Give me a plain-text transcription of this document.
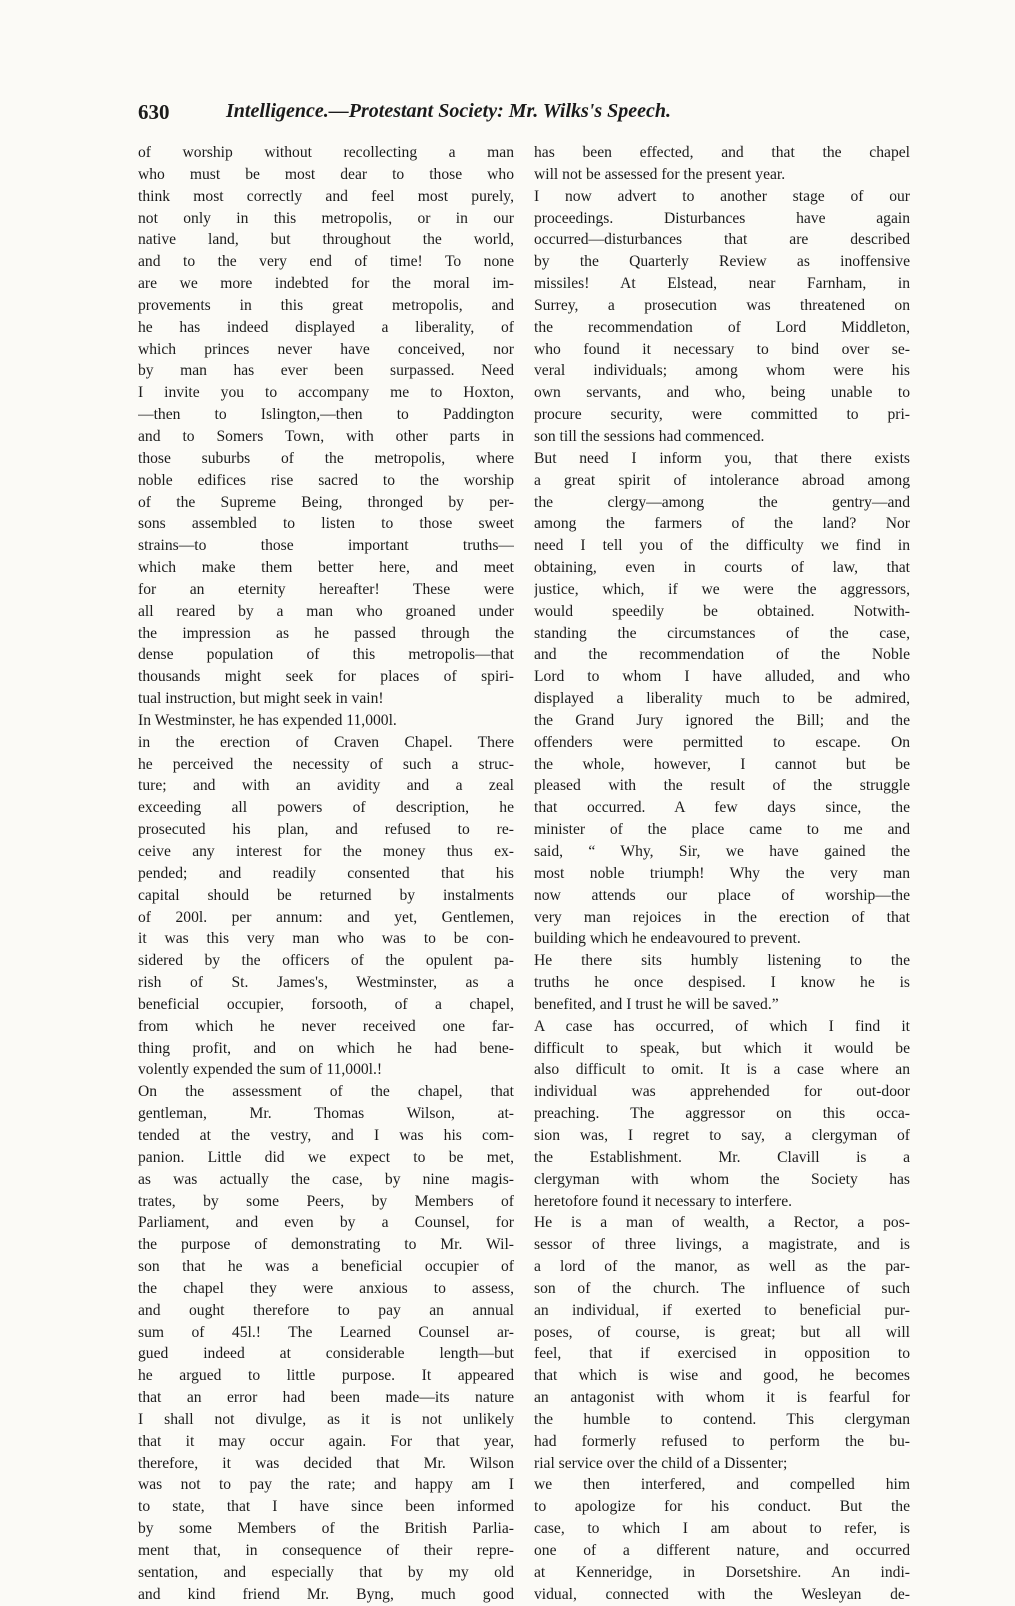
630	Intelligence.—Protestant Society: Mr. Wilks's Speech.
of worship without recollecting a man
who must be most dear to those who
think most correctly and feel most purely,
not only in this metropolis, or in our
native land, but throughout the world,
and to the very end of time! To none
are we more indebted for the moral im-
provements in this great metropolis, and
he has indeed displayed a liberality, of
which princes never have conceived, nor
by man has ever been surpassed. Need
I invite you to accompany me to Hoxton,
—then to Islington,—then to Paddington
and to Somers Town, with other parts in
those suburbs of the metropolis, where
noble edifices rise sacred to the worship
of the Supreme Being, thronged by per-
sons assembled to listen to those sweet
strains—to those important truths—
which make them better here, and meet
for an eternity hereafter! These were
all reared by a man who groaned under
the impression as he passed through the
dense population of this metropolis—that
thousands might seek for places of spiri-
tual instruction, but might seek in vain!
In Westminster, he has expended 11,000l.
in the erection of Craven Chapel. There
he perceived the necessity of such a struc-
ture; and with an avidity and a zeal
exceeding all powers of description, he
prosecuted his plan, and refused to re-
ceive any interest for the money thus ex-
pended; and readily consented that his
capital should be returned by instalments
of 200l. per annum: and yet, Gentlemen,
it was this very man who was to be con-
sidered by the officers of the opulent pa-
rish of St. James's, Westminster, as a
beneficial occupier, forsooth, of a chapel,
from which he never received one far-
thing profit, and on which he had bene-
volently expended the sum of 11,000l.!
On the assessment of the chapel, that
gentleman, Mr. Thomas Wilson, at-
tended at the vestry, and I was his com-
panion. Little did we expect to be met,
as was actually the case, by nine magis-
trates, by some Peers, by Members of
Parliament, and even by a Counsel, for
the purpose of demonstrating to Mr. Wil-
son that he was a beneficial occupier of
the chapel they were anxious to assess,
and ought therefore to pay an annual
sum of 45l.! The Learned Counsel ar-
gued indeed at considerable length—but
he argued to little purpose. It appeared
that an error had been made—its nature
I shall not divulge, as it is not unlikely
that it may occur again. For that year,
therefore, it was decided that Mr. Wilson
was not to pay the rate; and happy am I
to state, that I have since been informed
by some Members of the British Parlia-
ment that, in consequence of their repre-
sentation, and especially that by my old
and kind friend Mr. Byng, much good
has been effected, and that the chapel
will not be assessed for the present year.
I now advert to another stage of our
proceedings. Disturbances have again
occurred—disturbances that are described
by the Quarterly Review as inoffensive
missiles! At Elstead, near Farnham, in
Surrey, a prosecution was threatened on
the recommendation of Lord Middleton,
who found it necessary to bind over se-
veral individuals; among whom were his
own servants, and who, being unable to
procure security, were committed to pri-
son till the sessions had commenced.
But need I inform you, that there exists
a great spirit of intolerance abroad among
the clergy—among the gentry—and
among the farmers of the land? Nor
need I tell you of the difficulty we find in
obtaining, even in courts of law, that
justice, which, if we were the aggressors,
would speedily be obtained. Notwith-
standing the circumstances of the case,
and the recommendation of the Noble
Lord to whom I have alluded, and who
displayed a liberality much to be admired,
the Grand Jury ignored the Bill; and the
offenders were permitted to escape. On
the whole, however, I cannot but be
pleased with the result of the struggle
that occurred. A few days since, the
minister of the place came to me and
said, “ Why, Sir, we have gained the
most noble triumph! Why the very man
now attends our place of worship—the
very man rejoices in the erection of that
building which he endeavoured to prevent.
He there sits humbly listening to the
truths he once despised. I know he is
benefited, and I trust he will be saved.”
A case has occurred, of which I find it
difficult to speak, but which it would be
also difficult to omit. It is a case where an
individual was apprehended for out-door
preaching. The aggressor on this occa-
sion was, I regret to say, a clergyman of
the Establishment. Mr. Clavill is a
clergyman with whom the Society has
heretofore found it necessary to interfere.
He is a man of wealth, a Rector, a pos-
sessor of three livings, a magistrate, and is
a lord of the manor, as well as the par-
son of the church. The influence of such
an individual, if exerted to beneficial pur-
poses, of course, is great; but all will
feel, that if exercised in opposition to
that which is wise and good, he becomes
an antagonist with whom it is fearful for
the humble to contend. This clergyman
had formerly refused to perform the bu-
rial service over the child of a Dissenter;
we then interfered, and compelled him
to apologize for his conduct. But the
case, to which I am about to refer, is
one of a different nature, and occurred
at Kenneridge, in Dorsetshire. An indi-
vidual, connected with the Wesleyan de-
